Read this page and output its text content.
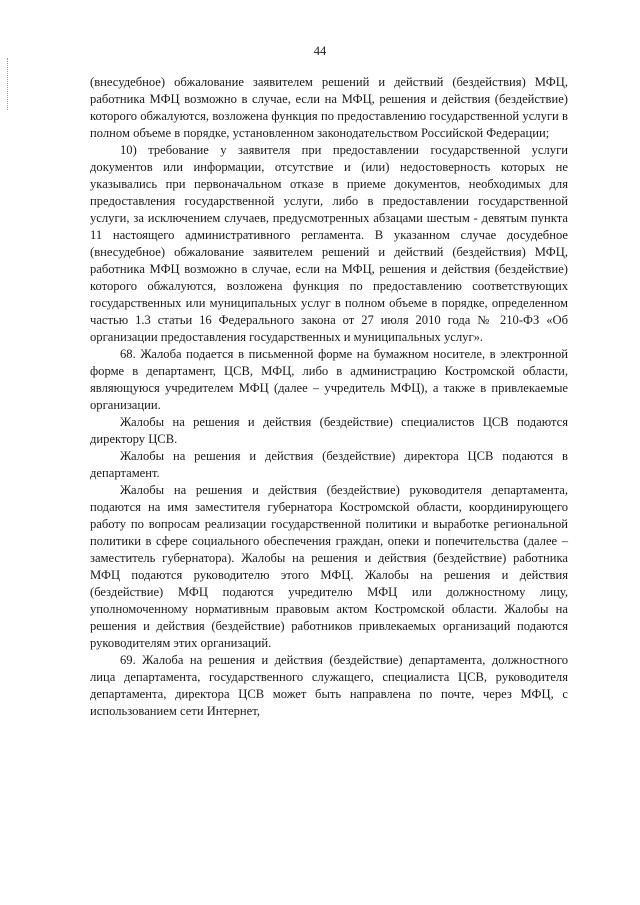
44

(внесудебное) обжалование заявителем решений и действий (бездействия) МФЦ, работника МФЦ возможно в случае, если на МФЦ, решения и действия (бездействие) которого обжалуются, возложена функция по предоставлению государственной услуги в полном объеме в порядке, установленном законодательством Российской Федерации;

10) требование у заявителя при предоставлении государственной услуги документов или информации, отсутствие и (или) недостоверность которых не указывались при первоначальном отказе в приеме документов, необходимых для предоставления государственной услуги, либо в предоставлении государственной услуги, за исключением случаев, предусмотренных абзацами шестым - девятым пункта 11 настоящего административного регламента. В указанном случае досудебное (внесудебное) обжалование заявителем решений и действий (бездействия) МФЦ, работника МФЦ возможно в случае, если на МФЦ, решения и действия (бездействие) которого обжалуются, возложена функция по предоставлению соответствующих государственных или муниципальных услуг в полном объеме в порядке, определенном частью 1.3 статьи 16 Федерального закона от 27 июля 2010 года № 210-ФЗ «Об организации предоставления государственных и муниципальных услуг».

68. Жалоба подается в письменной форме на бумажном носителе, в электронной форме в департамент, ЦСВ, МФЦ, либо в администрацию Костромской области, являющуюся учредителем МФЦ (далее – учредитель МФЦ), а также в привлекаемые организации.

Жалобы на решения и действия (бездействие) специалистов ЦСВ подаются директору ЦСВ.

Жалобы на решения и действия (бездействие) директора ЦСВ подаются в департамент.

Жалобы на решения и действия (бездействие) руководителя департамента, подаются на имя заместителя губернатора Костромской области, координирующего работу по вопросам реализации государственной политики и выработке региональной политики в сфере социального обеспечения граждан, опеки и попечительства (далее – заместитель губернатора). Жалобы на решения и действия (бездействие) работника МФЦ подаются руководителю этого МФЦ. Жалобы на решения и действия (бездействие) МФЦ подаются учредителю МФЦ или должностному лицу, уполномоченному нормативным правовым актом Костромской области. Жалобы на решения и действия (бездействие) работников привлекаемых организаций подаются руководителям этих организаций.

69. Жалоба на решения и действия (бездействие) департамента, должностного лица департамента, государственного служащего, специалиста ЦСВ, руководителя департамента, директора ЦСВ может быть направлена по почте, через МФЦ, с использованием сети Интернет,
